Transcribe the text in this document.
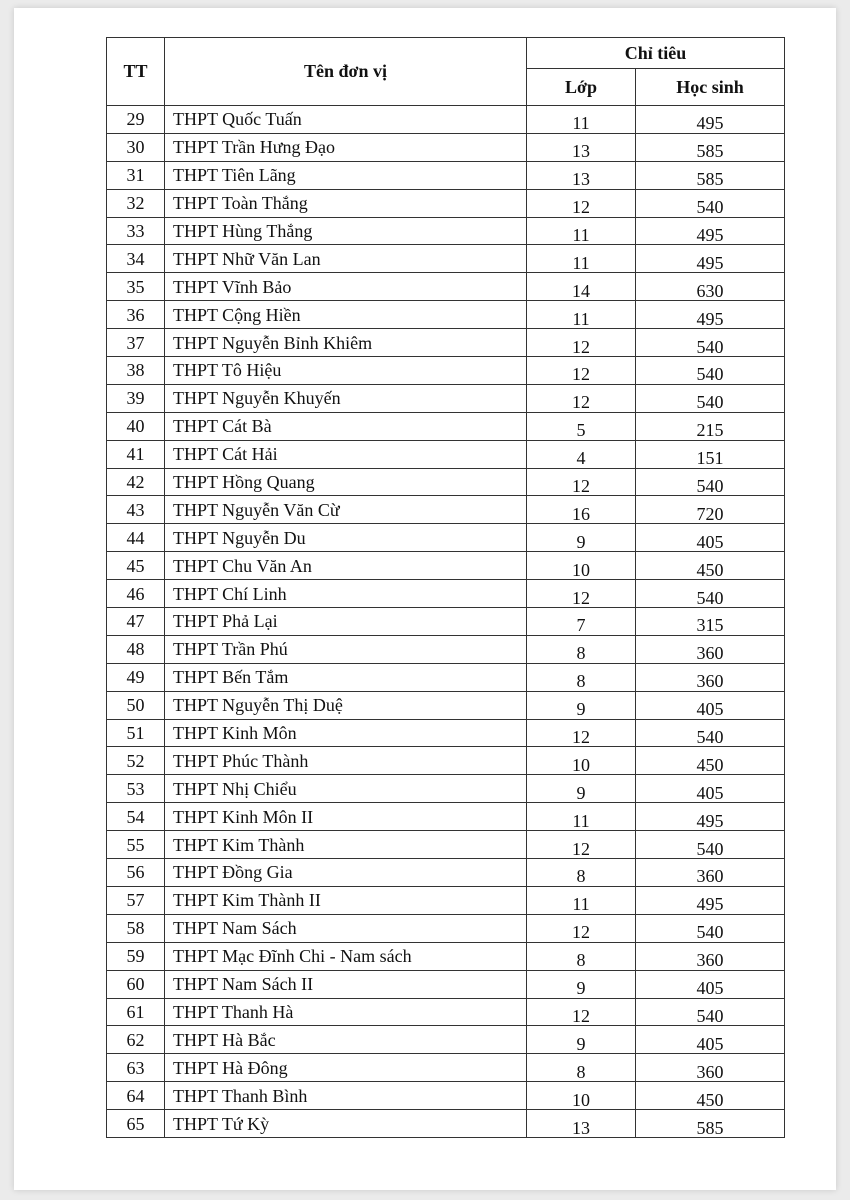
TT	Tên đơn vị	Chỉ tiêu	
		Lớp	Học sinh
29	THPT Quốc Tuấn	11	495
30	THPT Trần Hưng Đạo	13	585
31	THPT Tiên Lãng	13	585
32	THPT Toàn Thắng	12	540
33	THPT Hùng Thắng	11	495
34	THPT Nhữ Văn Lan	11	495
35	THPT Vĩnh Bảo	14	630
36	THPT Cộng Hiền	11	495
37	THPT Nguyễn Bỉnh Khiêm	12	540
38	THPT Tô Hiệu	12	540
39	THPT Nguyễn Khuyến	12	540
40	THPT Cát Bà	5	215
41	THPT Cát Hải	4	151
42	THPT Hồng Quang	12	540
43	THPT Nguyễn Văn Cừ	16	720
44	THPT Nguyễn Du	9	405
45	THPT Chu Văn An	10	450
46	THPT Chí Linh	12	540
47	THPT Phả Lại	7	315
48	THPT Trần Phú	8	360
49	THPT Bến Tắm	8	360
50	THPT Nguyễn Thị Duệ	9	405
51	THPT Kinh Môn	12	540
52	THPT Phúc Thành	10	450
53	THPT Nhị Chiểu	9	405
54	THPT Kinh Môn II	11	495
55	THPT Kim Thành	12	540
56	THPT Đồng Gia	8	360
57	THPT Kim Thành II	11	495
58	THPT Nam Sách	12	540
59	THPT Mạc Đĩnh Chi - Nam sách	8	360
60	THPT Nam Sách II	9	405
61	THPT Thanh Hà	12	540
62	THPT Hà Bắc	9	405
63	THPT Hà Đông	8	360
64	THPT Thanh Bình	10	450
65	THPT Tứ Kỳ	13	585
